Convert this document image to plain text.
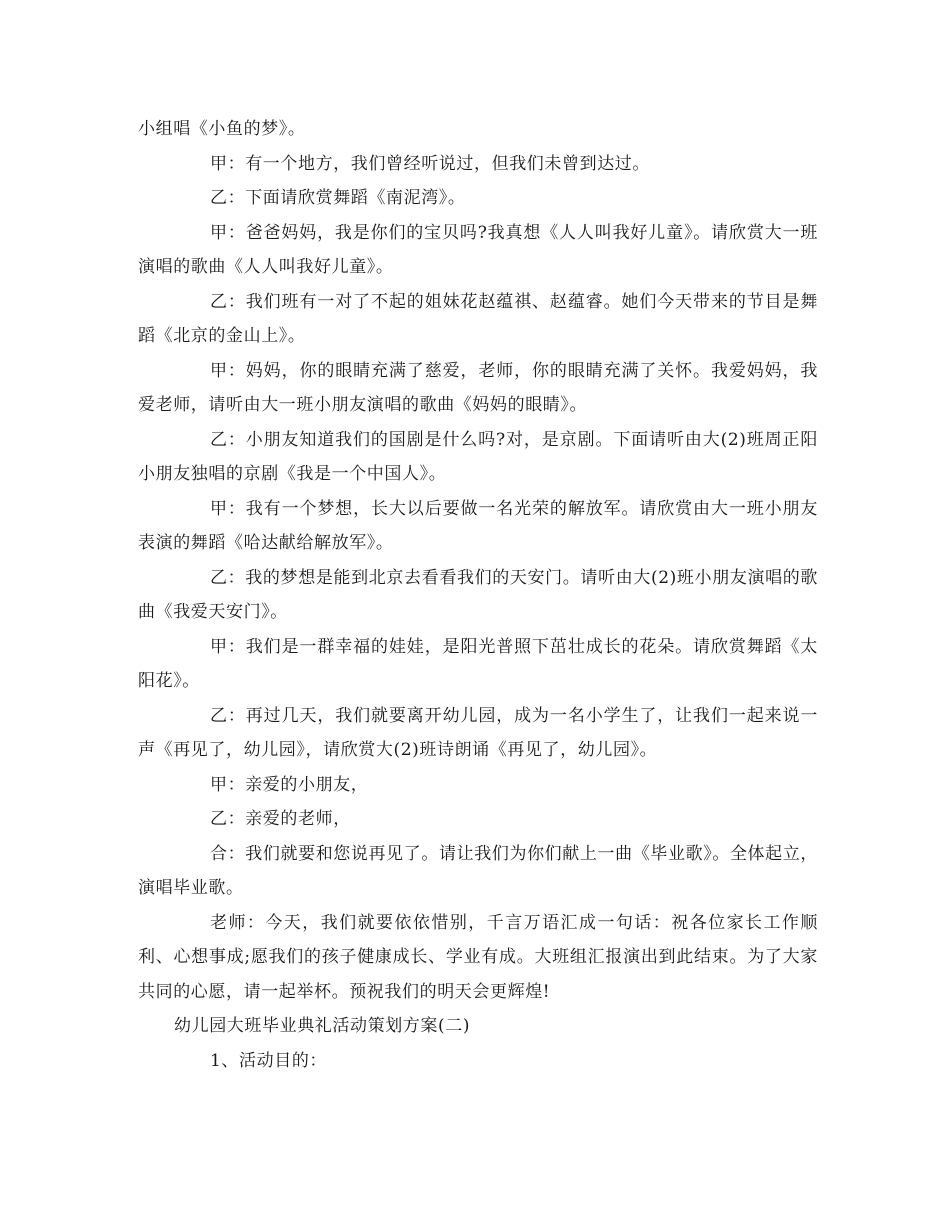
小组唱《小鱼的梦》。

甲：有一个地方，我们曾经听说过，但我们未曾到达过。

乙：下面请欣赏舞蹈《南泥湾》。

甲：爸爸妈妈，我是你们的宝贝吗?我真想《人人叫我好儿童》。请欣赏大一班演唱的歌曲《人人叫我好儿童》。

乙：我们班有一对了不起的姐妹花赵蕴祺、赵蕴睿。她们今天带来的节目是舞蹈《北京的金山上》。

甲：妈妈，你的眼睛充满了慈爱，老师，你的眼睛充满了关怀。我爱妈妈，我爱老师，请听由大一班小朋友演唱的歌曲《妈妈的眼睛》。

乙：小朋友知道我们的国剧是什么吗?对，是京剧。下面请听由大(2)班周正阳小朋友独唱的京剧《我是一个中国人》。

甲：我有一个梦想，长大以后要做一名光荣的解放军。请欣赏由大一班小朋友表演的舞蹈《哈达献给解放军》。

乙：我的梦想是能到北京去看看我们的天安门。请听由大(2)班小朋友演唱的歌曲《我爱天安门》。

甲：我们是一群幸福的娃娃，是阳光普照下茁壮成长的花朵。请欣赏舞蹈《太阳花》。

乙：再过几天，我们就要离开幼儿园，成为一名小学生了，让我们一起来说一声《再见了，幼儿园》，请欣赏大(2)班诗朗诵《再见了，幼儿园》。

甲：亲爱的小朋友，

乙：亲爱的老师，

合：我们就要和您说再见了。请让我们为你们献上一曲《毕业歌》。全体起立，演唱毕业歌。

老师：今天，我们就要依依惜别，千言万语汇成一句话：祝各位家长工作顺利、心想事成;愿我们的孩子健康成长、学业有成。大班组汇报演出到此结束。为了大家共同的心愿，请一起举杯。预祝我们的明天会更辉煌!

幼儿园大班毕业典礼活动策划方案(二)

1、活动目的：
